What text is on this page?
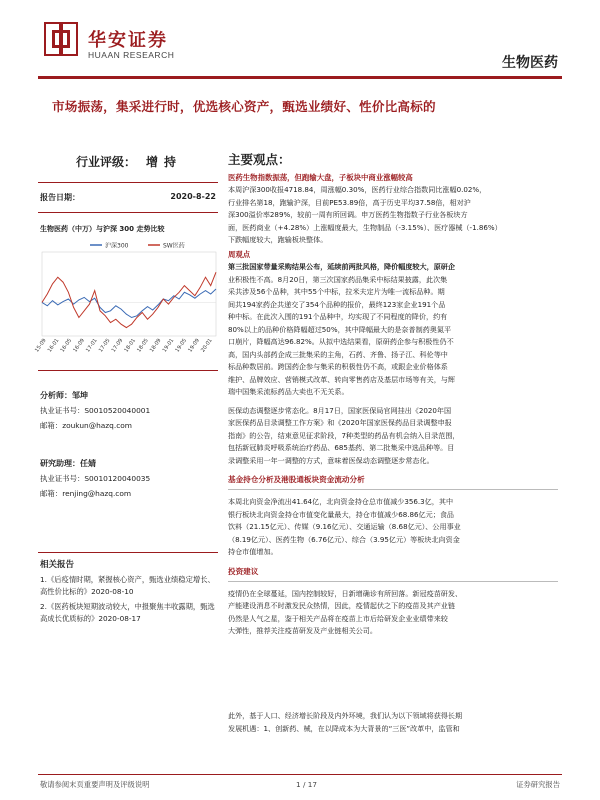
华安证券
HUAAN RESEARCH	生物医药
市场振荡，集采进行时，优选核心资产，甄选业绩好、性价比高标的
行业评级： 增持
报告日期：	2020-8-22
生物医药（中万）与沪深 300 走势比较
沪深300	SW医药
15-09 16-01 16-05 16-09 17-01 17-05 17-09 18-01 18-05 18-09 19-01 19-05 19-09 20-01
分析师：邹坤
执业证书号：S0010520040001
邮箱：zoukun@hazq.com
研究助理：任婧
执业证书号：S0010120040035
邮箱：renjing@hazq.com
相关报告
1.《后疫情时期，紧握核心资产，甄选业绩稳定增长、高性价比标的》2020-08-10
2.《医药板块短期波动较大，中报聚焦丰收露期，甄选高成长优质标的》2020-08-17
主要观点：
医药生物指数振荡，但跑输大盘，子板块中商业涨幅较高
本周沪深300收报4718.84，周涨幅0.30%，医药行业综合指数同比涨幅0.02%，
行业排名第18，跑输沪深，目前PE53.89倍，高于历史平均37.58倍，相对沪
深300溢价率289%，较前一周有所回调。申万医药生物指数子行业各板块方
面，医药商业（+4.28%）上涨幅度最大，生物制品（-3.15%）、医疗器械（-1.86%）
下跌幅度较大，跑输板块整体。
周观点
第三批国家带量采购结果公布，延续前两批风格，降价幅度较大，原研企
业积极性不高。8月20日，第三次国家药品集采中标结果披露，此次集
采共涉及56个品种，其中55个中标，拉米夫定片为唯一流标品种。期
间共194家药企共递交了354个品种的报价，最终123家企业191个品
种中标。在此次入围的191个品种中，均实现了不同程度的降价，约有
80%以上的品种价格降幅超过50%，其中降幅最大的是奈普制药奥氮平
口崩片，降幅高达96.82%。从拟中选结果看，原研药企参与积极性仍不
高，国内头部药企成三批集采的主角，石药、齐鲁、扬子江、科伦等中
标品种数居前。跨国药企参与集采的积极性仍不高，或跟企业价格体系
维护、品牌效应、营销模式改革、转向零售药店及基层市场等有关，与辉
瑞中国集采流标药品大卖也不无关系。
医保动态调整逐步常态化。8月17日，国家医保局官网挂出《2020年国
家医保药品目录调整工作方案》和《2020年国家医保药品目录调整申报
指南》的公告，结束意见征求阶段，7种类型的药品有机会纳入目录范围，
包括新冠肺炎呼吸系统治疗药品、685基药、第二批集采中选品种等。目
录调整采用一年一调整的方式，意味着医保动态调整逐步常态化。
基金持仓分析及港股通板块资金流动分析
本周北向资金净流出41.64亿，北向资金持仓总市值减少356.3亿，其中
银行板块北向资金持仓市值变化量最大，持仓市值减少68.86亿元；食品
饮料（21.15亿元）、传媒（9.16亿元）、交通运输（8.68亿元）、公用事业
（8.19亿元）、医药生物（6.76亿元）、综合（3.95亿元）等板块北向资金
持仓市值增加。
投资建议
疫情仍在全球蔓延，国内控制较好，日新增确诊有所回落。新冠疫苗研发、
产能建设消息不时激发民众热情，因此，疫情起伏之下的疫苗及其产业链
仍然是人气之星，鉴于相关产品将在疫苗上市后给研发企业业绩带来较
大弹性，推荐关注疫苗研发及产业链相关公司。
此外，基于人口、经济增长阶段及内外环境，我们认为以下领域将获得长期
发展机遇：1、创新药、械，在以降成本为大背景的“三医”改革中，监管和
敬请参阅末页重要声明及评级说明	1 / 17	证券研究报告
